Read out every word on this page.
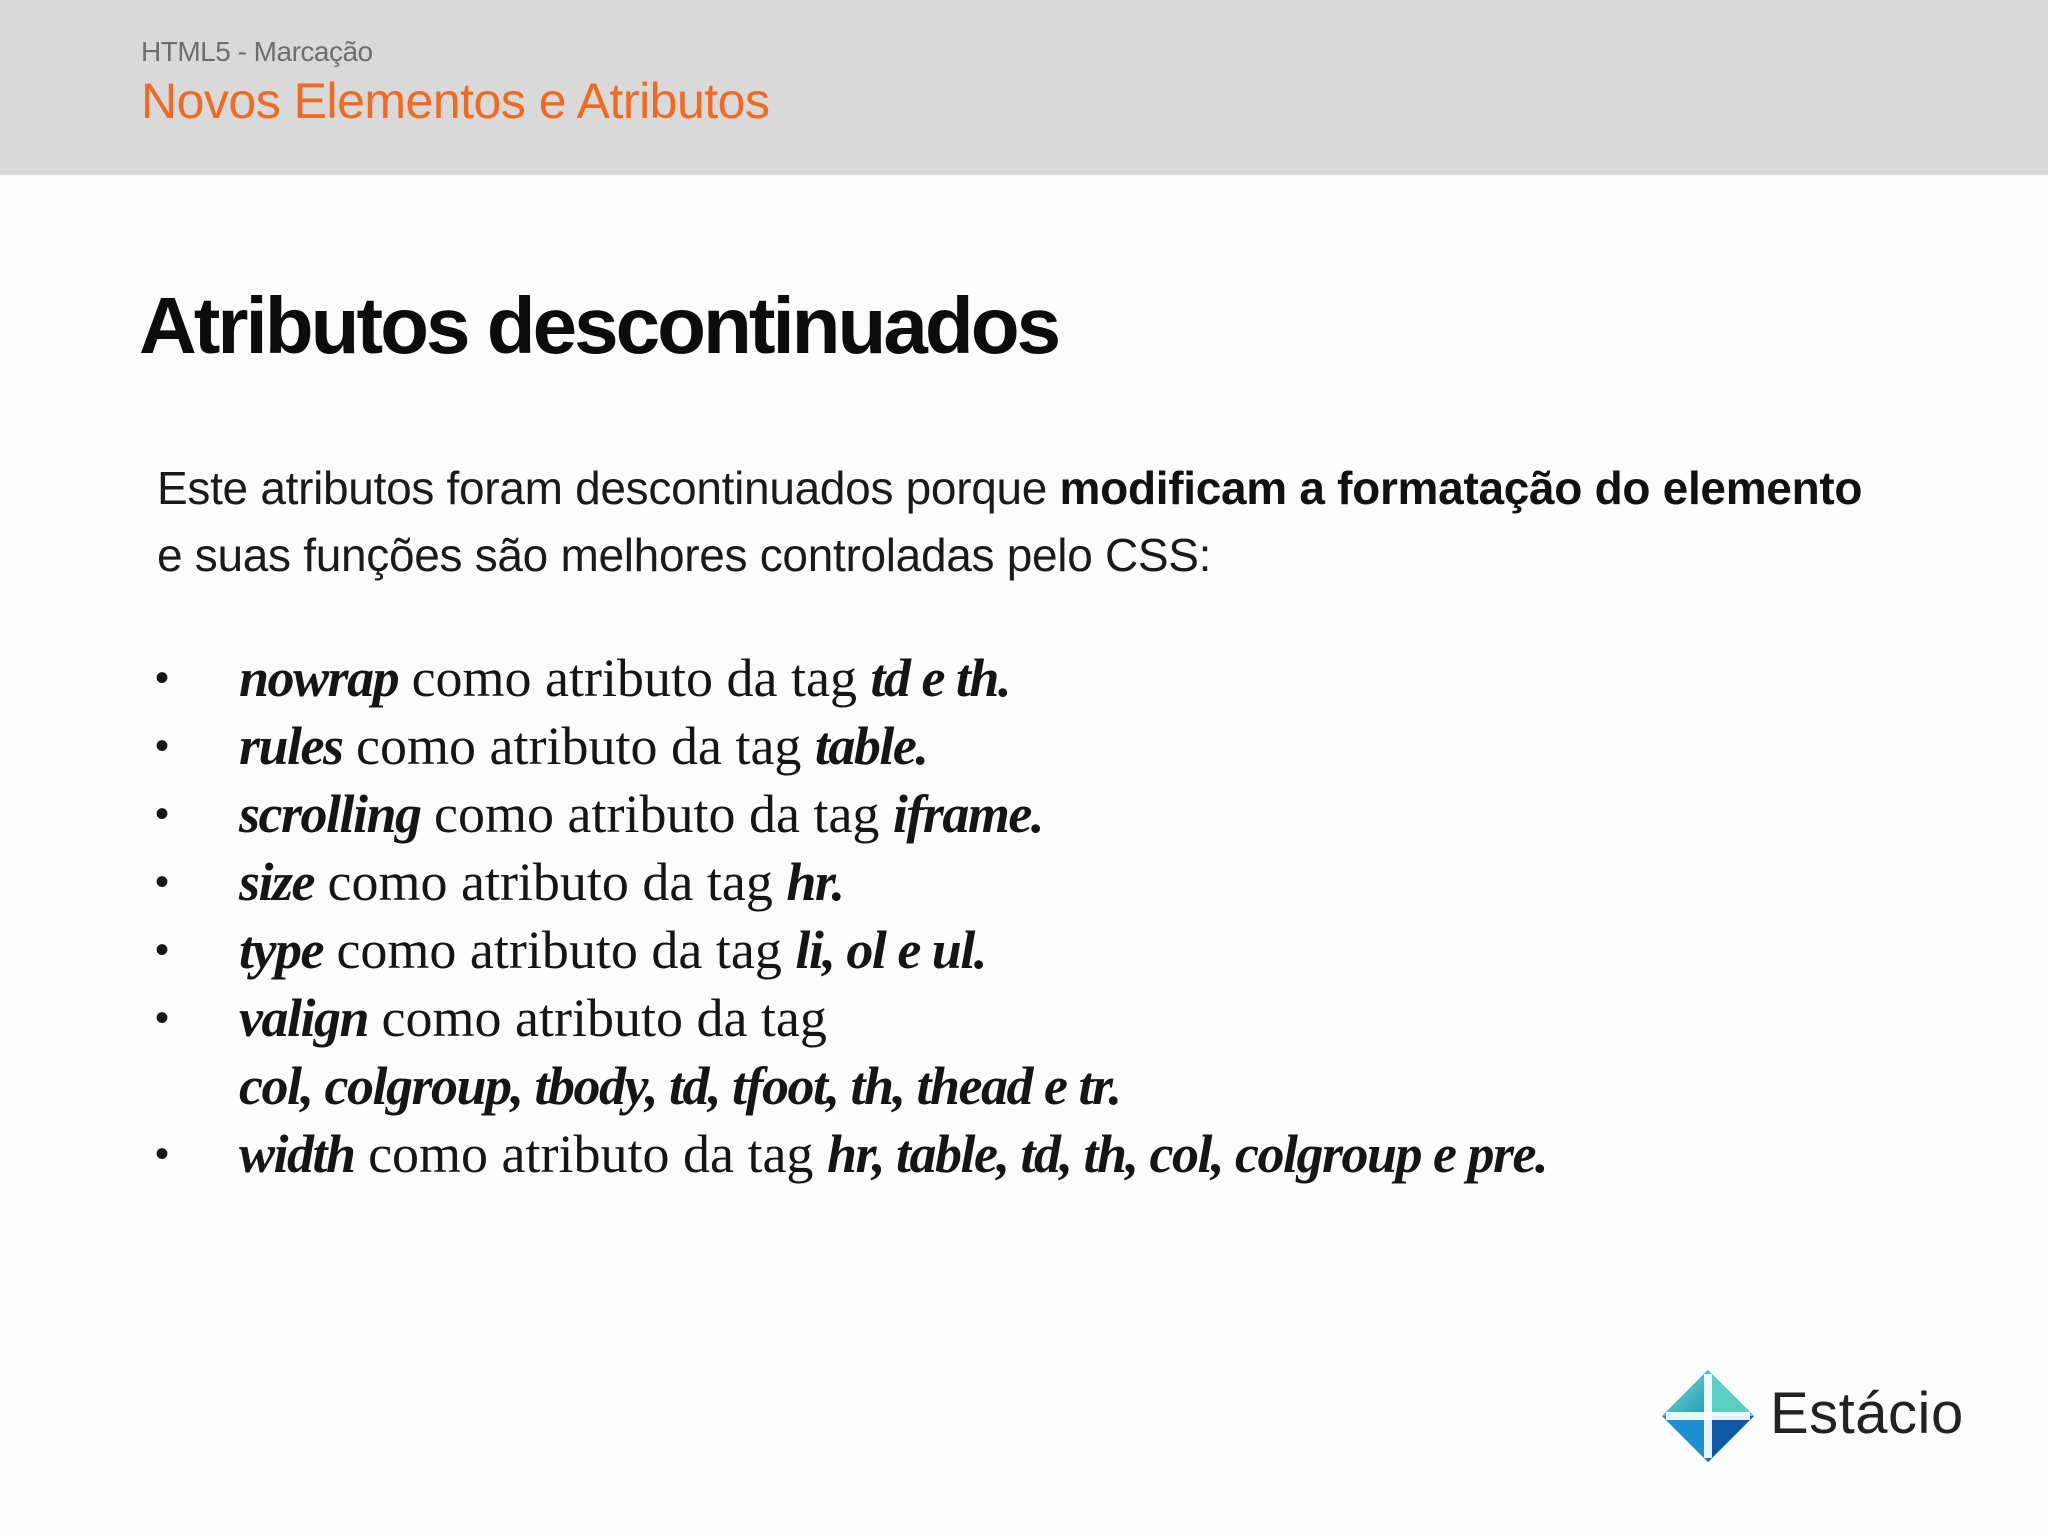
HTML5 - Marcação
Novos Elementos e Atributos
Atributos descontinuados

Este atributos foram descontinuados porque modificam a formatação do elemento e suas funções são melhores controladas pelo CSS:

• nowrap como atributo da tag td e th.
• rules como atributo da tag table.
• scrolling como atributo da tag iframe.
• size como atributo da tag hr.
• type como atributo da tag li, ol e ul.
• valign como atributo da tag
col, colgroup, tbody, td, tfoot, th, thead e tr.
• width como atributo da tag hr, table, td, th, col, colgroup e pre.
Estácio
